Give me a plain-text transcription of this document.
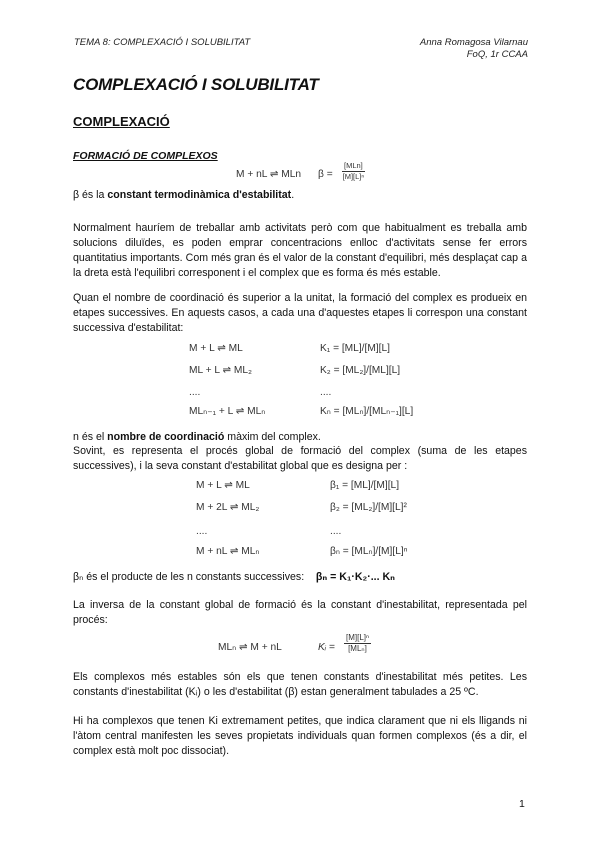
TEMA 8: COMPLEXACIÓ I SOLUBILITAT	Anna Romagosa Vilarnau
FoQ, 1r CCAA
COMPLEXACIÓ I SOLUBILITAT
COMPLEXACIÓ
FORMACIÓ DE COMPLEXOS
M + nL ⇌ MLn β =
[MLn]
[M][L]ⁿ
β és la constant termodinàmica d'estabilitat.
Normalment hauríem de treballar amb activitats però com que habitualment es treballa amb solucions diluïdes, es poden emprar concentracions enlloc d'activitats sense fer errors quantitatius importants. Com més gran és el valor de la constant d'equilibri, més desplaçat cap a la dreta està l'equilibri corresponent i el complex que es forma és més estable.
Quan el nombre de coordinació és superior a la unitat, la formació del complex es produeix en etapes successives. En aquests casos, a cada una d'aquestes etapes li correspon una constant successiva d'estabilitat:
M + L ⇌ ML	K₁ = [ML]/[M][L]
ML + L ⇌ ML₂	K₂ = [ML₂]/[ML][L]
....	....
MLₙ₋₁ + L ⇌ MLₙ	Kₙ = [MLₙ]/[MLₙ₋₁][L]
n és el nombre de coordinació màxim del complex.
Sovint, es representa el procés global de formació del complex (suma de les etapes successives), i la seva constant d'estabilitat global que es designa per :
M + L ⇌ ML	β₁ = [ML]/[M][L]
M + 2L ⇌ ML₂	β₂ = [ML₂]/[M][L]²
....	....
M + nL ⇌ MLₙ	βₙ = [MLₙ]/[M][L]ⁿ
βₙ és el producte de les n constants successives: βₙ = K₁·K₂·... Kₙ
La inversa de la constant global de formació és la constant d'inestabilitat, representada pel procés:
MLₙ ⇌ M + nL	Kᵢ =
[M][L]ⁿ
[MLₙ]
Els complexos més estables són els que tenen constants d'inestabilitat més petites. Les constants d'inestabilitat (Kᵢ) o les d'estabilitat (β) estan generalment tabulades a 25 ºC.
Hi ha complexos que tenen Ki extremament petites, que indica clarament que ni els lligands ni l'àtom central manifesten les seves propietats individuals quan formen complexos (és a dir, el complex està molt poc dissociat).
1
